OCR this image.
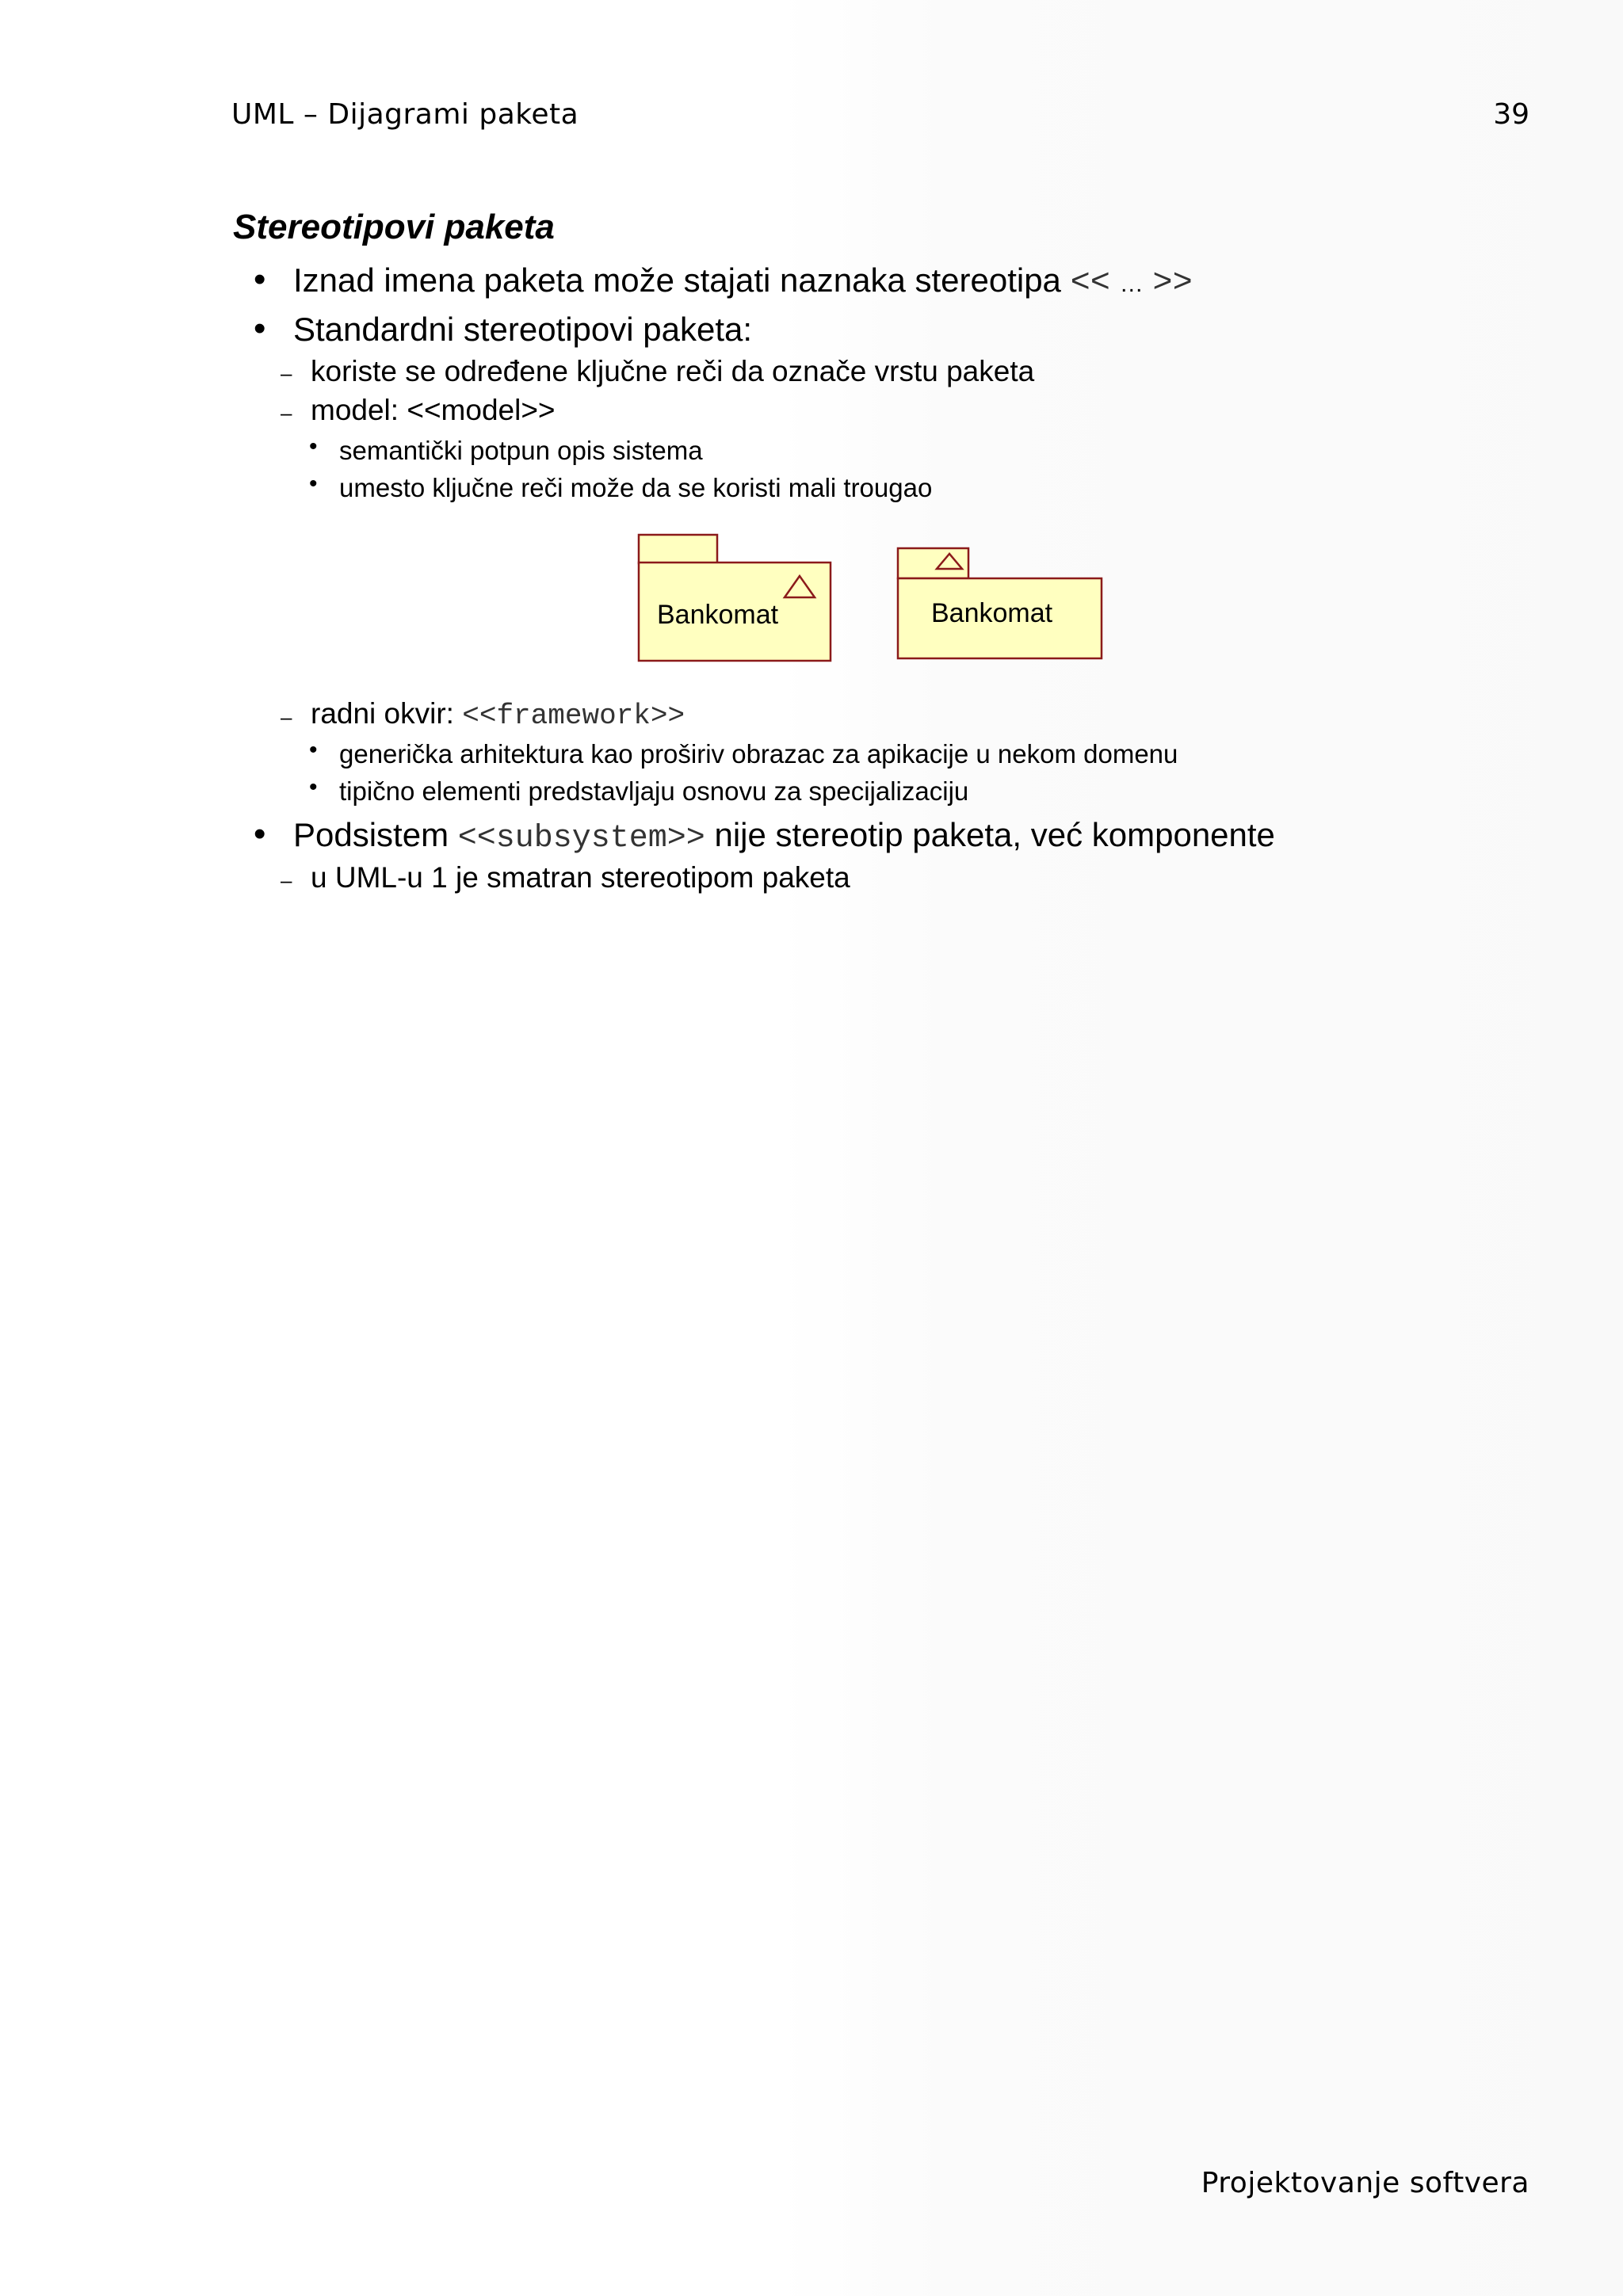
UML – Dijagrami paketa	39
Stereotipovi paketa
• Iznad imena paketa može stajati naznaka stereotipa << … >>
• Standardni stereotipovi paketa:
– koriste se određene ključne reči da označe vrstu paketa
– model: <<model>>
• semantički potpun opis sistema
• umesto ključne reči može da se koristi mali trougao
Bankomat	Bankomat
– radni okvir: <<framework>>
• generička arhitektura kao proširiv obrazac za apikacije u nekom domenu
• tipično elementi predstavljaju osnovu za specijalizaciju
• Podsistem <<subsystem>> nije stereotip paketa, već komponente
– u UML-u 1 je smatran stereotipom paketa
Projektovanje softvera
